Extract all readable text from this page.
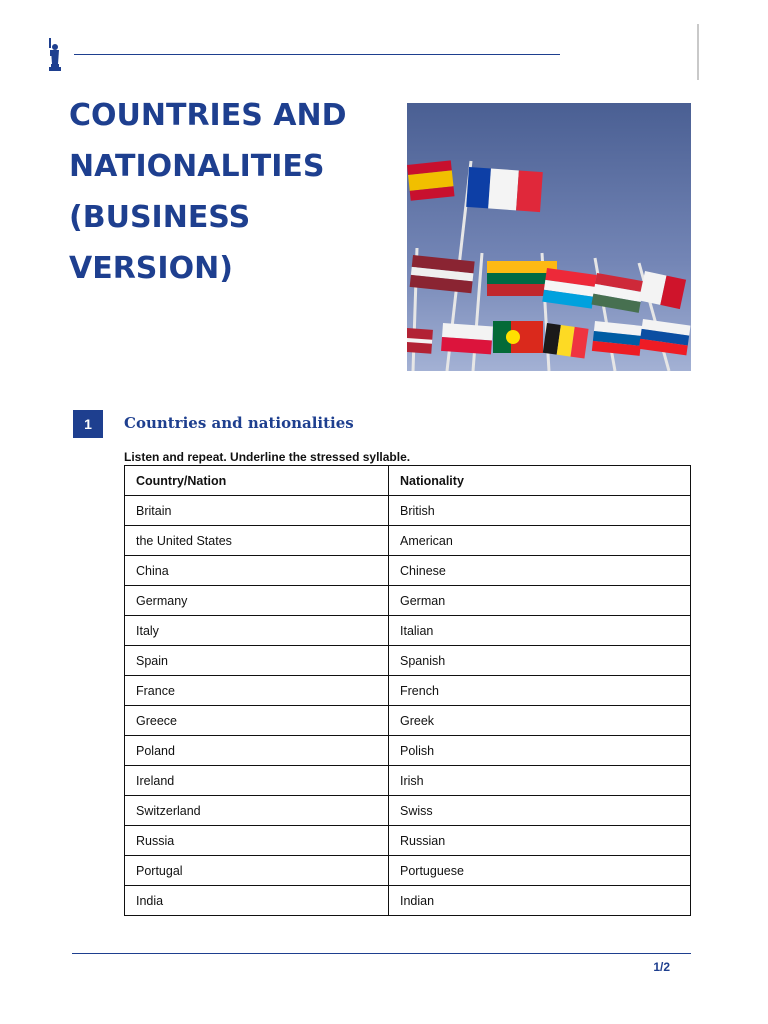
COUNTRIES AND
NATIONALITIES
(BUSINESS
VERSION)
1	Countries and nationalities

Listen and repeat. Underline the stressed syllable.

Country/Nation	Nationality
Britain	British
the United States	American
China	Chinese
Germany	German
Italy	Italian
Spain	Spanish
France	French
Greece	Greek
Poland	Polish
Ireland	Irish
Switzerland	Swiss
Russia	Russian
Portugal	Portuguese
India	Indian
1/2
